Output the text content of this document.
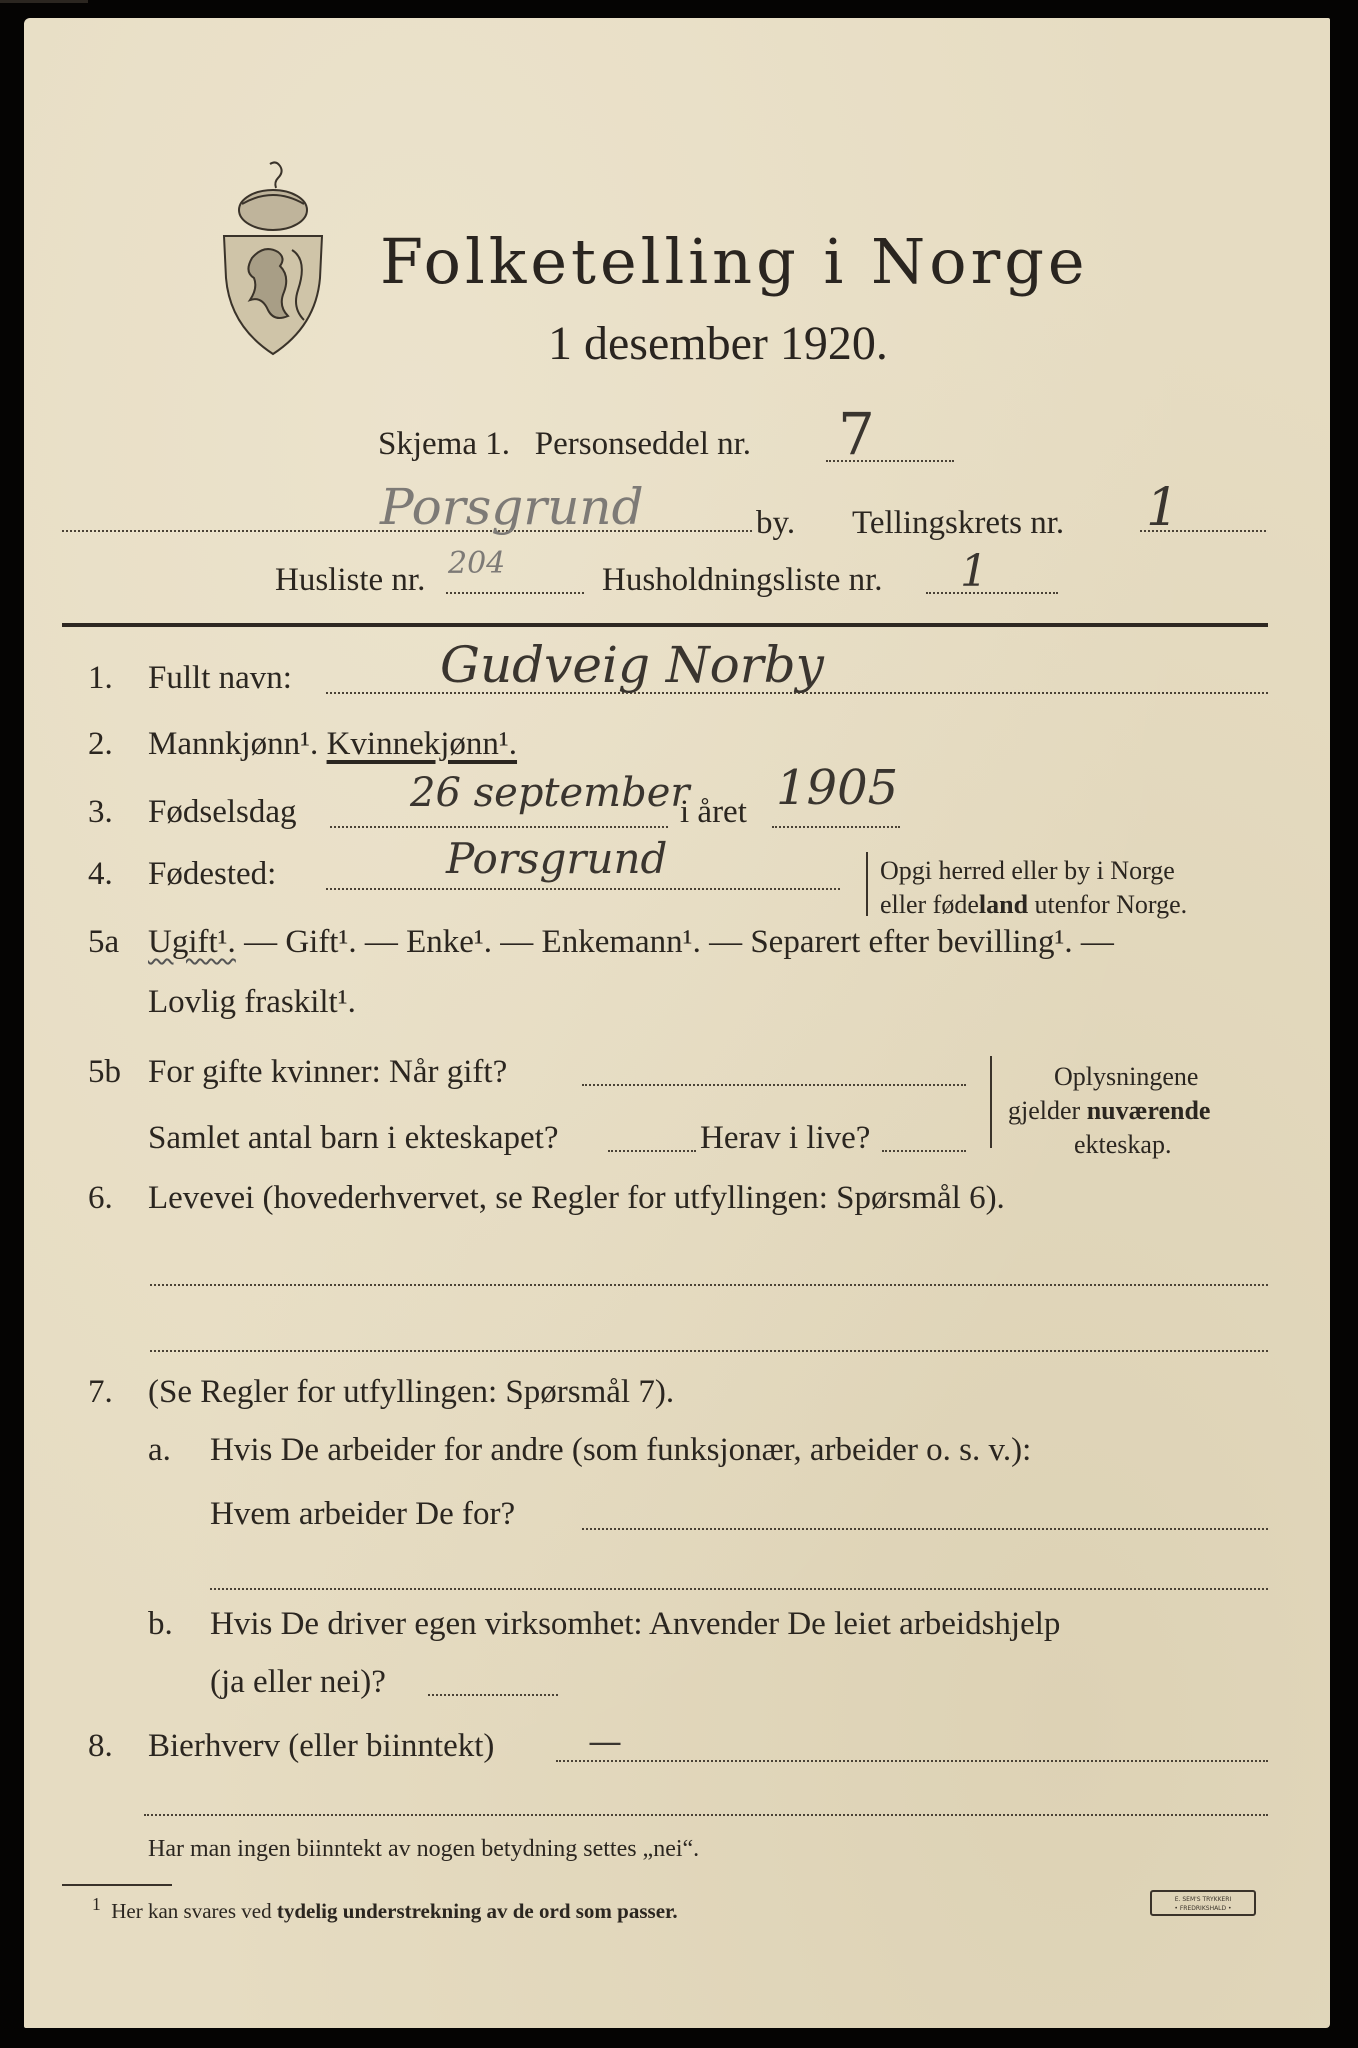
Folketelling i Norge
1 desember 1920.
Skjema 1. Personseddel nr. 7
Porsgrund	by. Tellingskrets nr. 1
Husliste nr. 204	Husholdningsliste nr. 1
1. Fullt navn:	Gudveig Norby
2. Mannkjønn¹. Kvinnekjønn¹.
3. Fødselsdag	26 september
i året 1905
4. Fødested:	Porsgrund	Opgi herred eller by i Norge
eller fødeland utenfor Norge.
5a Ugift¹. — Gift¹. — Enke¹. — Enkemann¹. — Separert efter bevilling¹. —
Lovlig fraskilt¹.
5b For gifte kvinner: Når gift?
Samlet antal barn i ekteskapet?	Herav i live?
Oplysningene
gjelder nuværende
ekteskap.
6. Levevei (hovederhvervet, se Regler for utfyllingen: Spørsmål 6).
7. (Se Regler for utfyllingen: Spørsmål 7).
a. Hvis De arbeider for andre (som funksjonær, arbeider o. s. v.):
Hvem arbeider De for?
b. Hvis De driver egen virksomhet: Anvender De leiet arbeidshjelp
(ja eller nei)?
8. Bierhverv (eller biinntekt)	—
Har man ingen biinntekt av nogen betydning settes „nei“.
$^1$ Her kan svares ved tydelig understrekning av de ord som passer.	E. SEM'S TRYKKERI
• FREDRIKSHALD •
